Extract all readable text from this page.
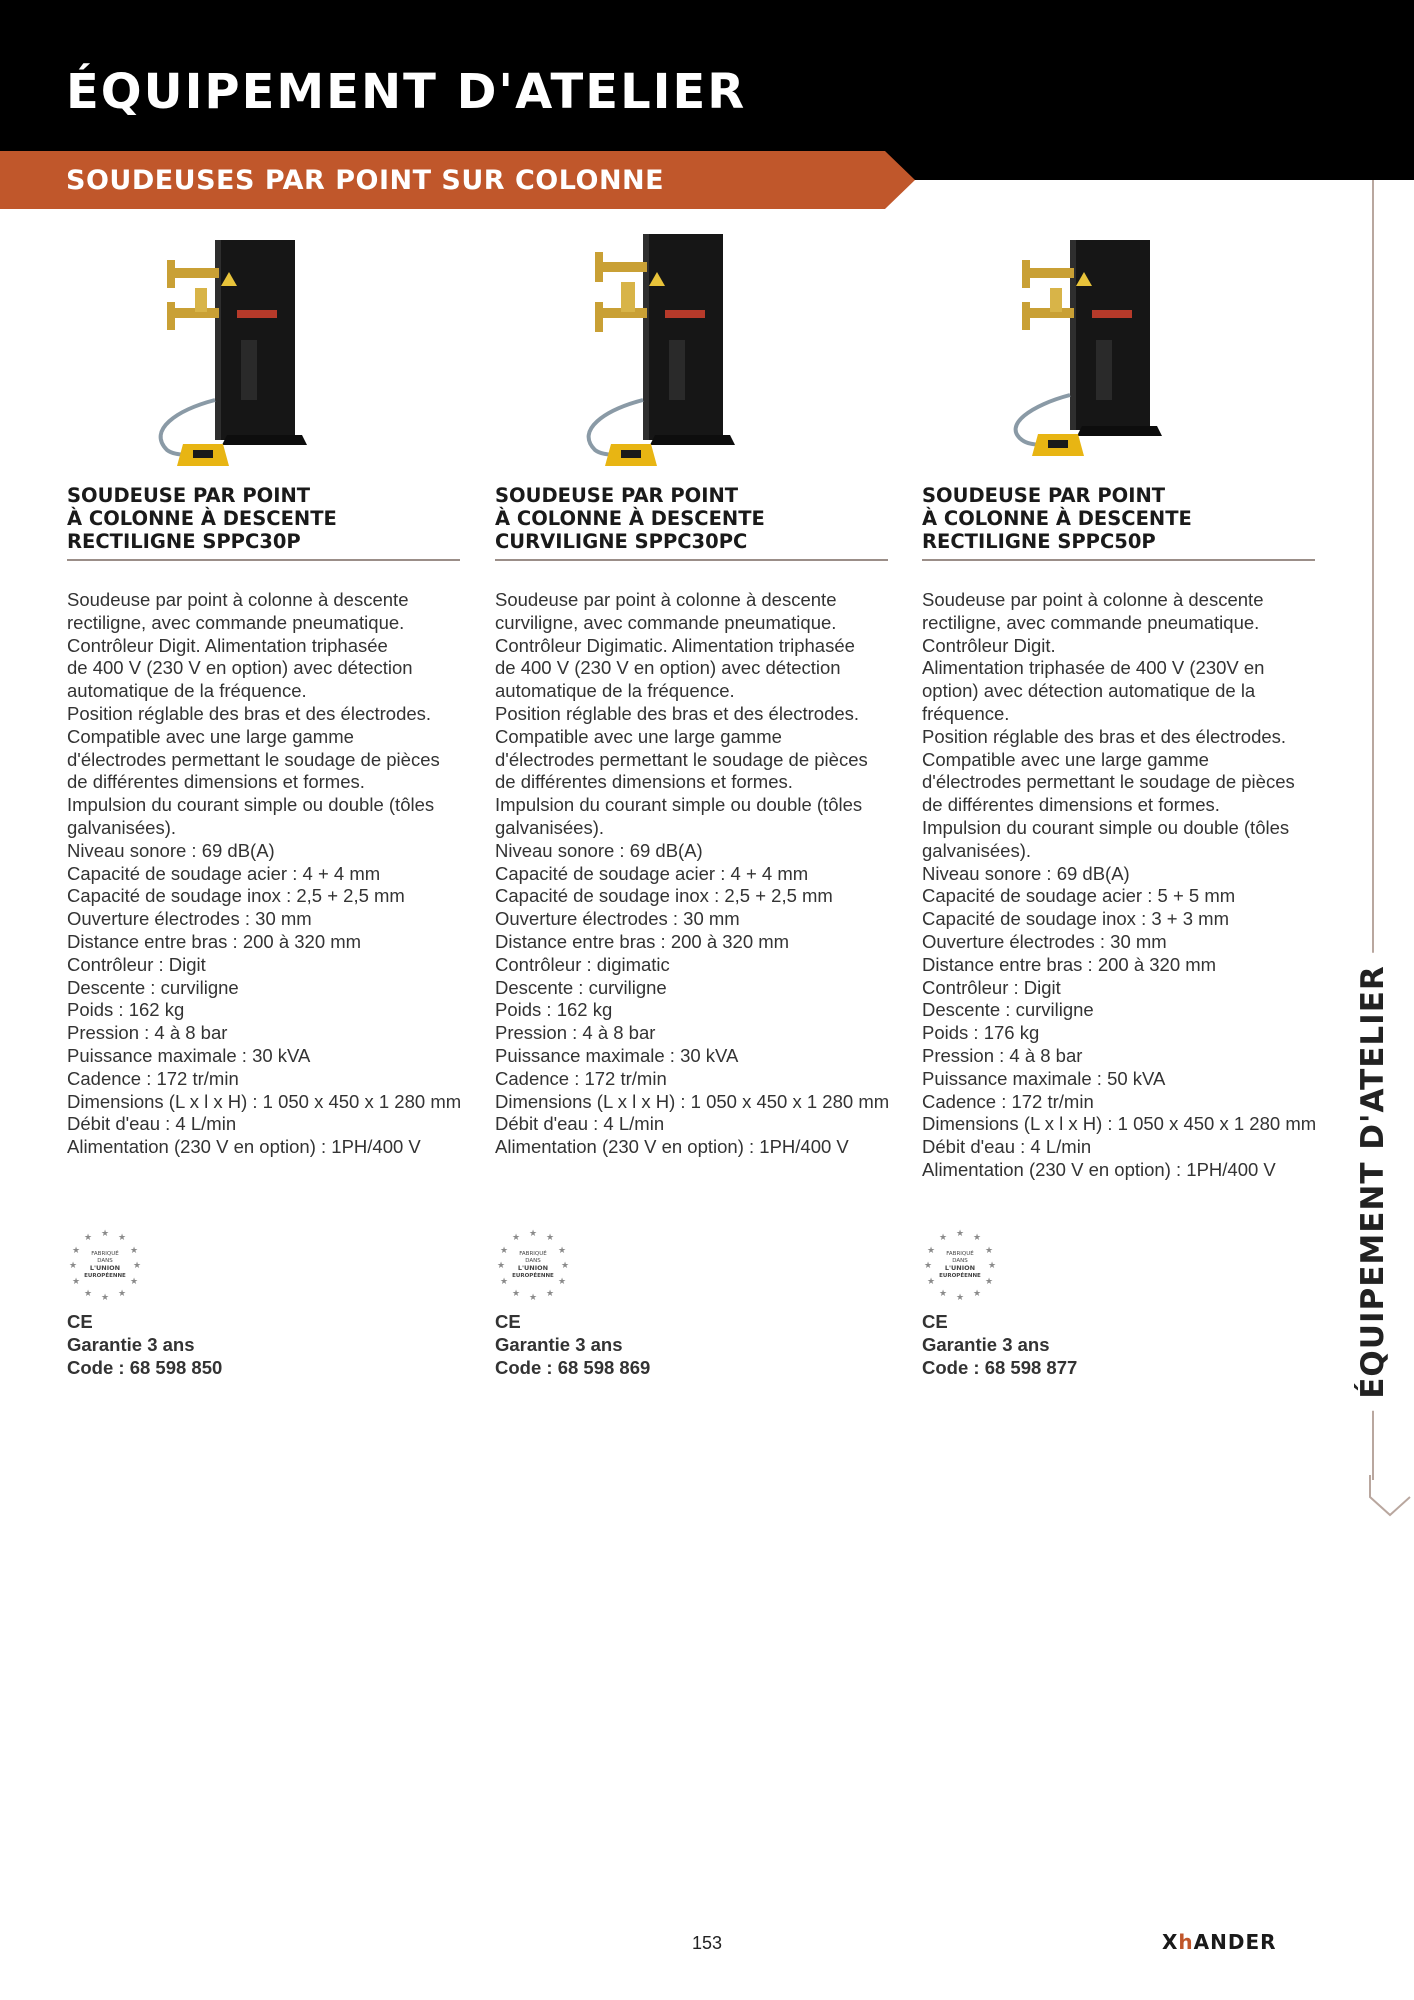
ÉQUIPEMENT D'ATELIER
SOUDEUSES PAR POINT SUR COLONNE
ÉQUIPEMENT D'ATELIER
SOUDEUSE PAR POINT
À COLONNE À DESCENTE
RECTILIGNE SPPC30P
Soudeuse par point à colonne à descente
rectiligne, avec commande pneumatique.
Contrôleur Digit. Alimentation triphasée
de 400 V (230 V en option) avec détection
automatique de la fréquence.
Position réglable des bras et des électrodes.
Compatible avec une large gamme
d'électrodes permettant le soudage de pièces
de différentes dimensions et formes.
Impulsion du courant simple ou double (tôles
galvanisées).
Niveau sonore : 69 dB(A)
Capacité de soudage acier : 4 + 4 mm
Capacité de soudage inox : 2,5 + 2,5 mm
Ouverture électrodes : 30 mm
Distance entre bras : 200 à 320 mm
Contrôleur : Digit
Descente : curviligne
Poids : 162 kg
Pression : 4 à 8 bar
Puissance maximale : 30 kVA
Cadence : 172 tr/min
Dimensions (L x l x H) : 1 050 x 450 x 1 280 mm
Débit d'eau : 4 L/min
Alimentation (230 V en option) : 1PH/400 V
★ ★
★
★
★
★
★
★
★
★
★
★
FABRIQUÉ
DANS
L'UNION
EUROPÉENNE
CE
Garantie 3 ans
Code : 68 598 850
SOUDEUSE PAR POINT
À COLONNE À DESCENTE
CURVILIGNE SPPC30PC
Soudeuse par point à colonne à descente
curviligne, avec commande pneumatique.
Contrôleur Digimatic. Alimentation triphasée
de 400 V (230 V en option) avec détection
automatique de la fréquence.
Position réglable des bras et des électrodes.
Compatible avec une large gamme
d'électrodes permettant le soudage de pièces
de différentes dimensions et formes.
Impulsion du courant simple ou double (tôles
galvanisées).
Niveau sonore : 69 dB(A)
Capacité de soudage acier : 4 + 4 mm
Capacité de soudage inox : 2,5 + 2,5 mm
Ouverture électrodes : 30 mm
Distance entre bras : 200 à 320 mm
Contrôleur : digimatic
Descente : curviligne
Poids : 162 kg
Pression : 4 à 8 bar
Puissance maximale : 30 kVA
Cadence : 172 tr/min
Dimensions (L x l x H) : 1 050 x 450 x 1 280 mm
Débit d'eau : 4 L/min
Alimentation (230 V en option) : 1PH/400 V
★ ★
★
★
★
★
★
★
★
★
★
★
FABRIQUÉ
DANS
L'UNION
EUROPÉENNE
CE
Garantie 3 ans
Code : 68 598 869
SOUDEUSE PAR POINT
À COLONNE À DESCENTE
RECTILIGNE SPPC50P
Soudeuse par point à colonne à descente
rectiligne, avec commande pneumatique.
Contrôleur Digit.
Alimentation triphasée de 400 V (230V en
option) avec détection automatique de la
fréquence.
Position réglable des bras et des électrodes.
Compatible avec une large gamme
d'électrodes permettant le soudage de pièces
de différentes dimensions et formes.
Impulsion du courant simple ou double (tôles
galvanisées).
Niveau sonore : 69 dB(A)
Capacité de soudage acier : 5 + 5 mm
Capacité de soudage inox : 3 + 3 mm
Ouverture électrodes : 30 mm
Distance entre bras : 200 à 320 mm
Contrôleur : Digit
Descente : curviligne
Poids : 176 kg
Pression : 4 à 8 bar
Puissance maximale : 50 kVA
Cadence : 172 tr/min
Dimensions (L x l x H) : 1 050 x 450 x 1 280 mm
Débit d'eau : 4 L/min
Alimentation (230 V en option) : 1PH/400 V
★ ★
★
★
★
★
★
★
★
★
★
★
FABRIQUÉ
DANS
L'UNION
EUROPÉENNE
CE
Garantie 3 ans
Code : 68 598 877
153	XhANDER
